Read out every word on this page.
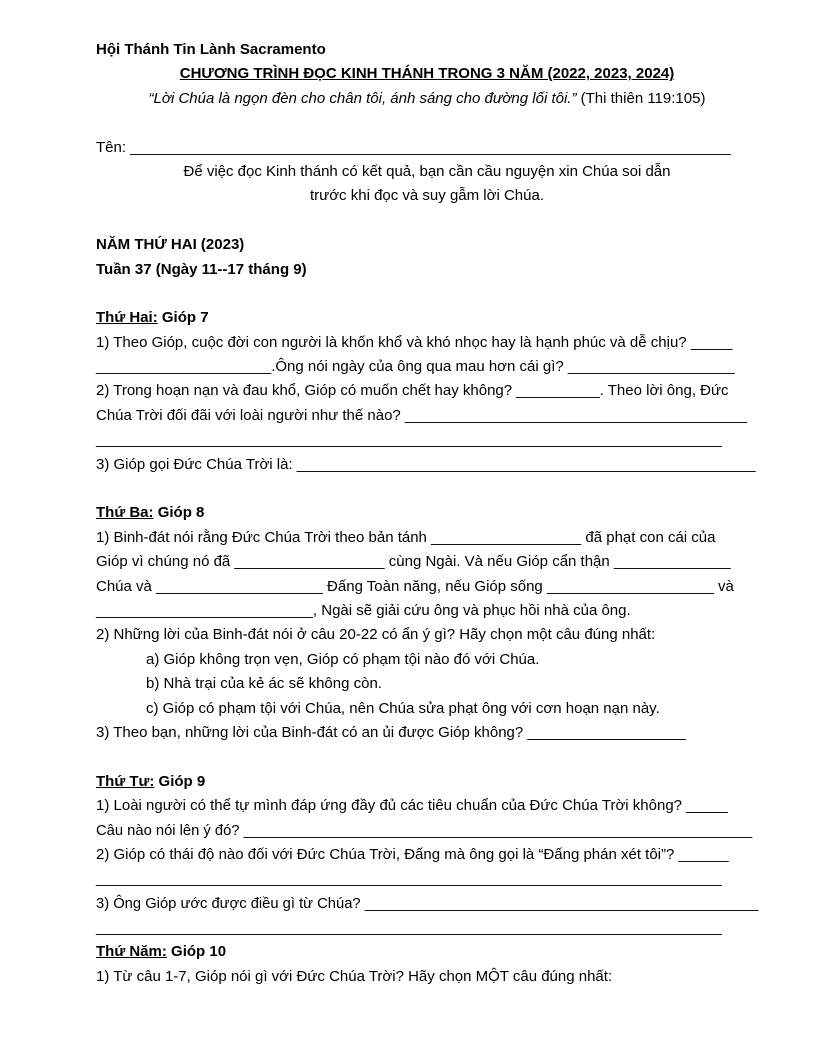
Hội Thánh Tin Lành Sacramento
CHƯƠNG TRÌNH ĐỌC KINH THÁNH TRONG 3 NĂM (2022, 2023, 2024)
“Lời Chúa là ngọn đèn cho chân tôi, ánh sáng cho đường lối tôi.” (Thi thiên 119:105)
Tên: ________________________________________________________________________
Để việc đọc Kinh thánh có kết quả, bạn cần cầu nguyện xin Chúa soi dẫn
trước khi đọc và suy gẫm lời Chúa.
NĂM THỨ HAI (2023)
Tuần 37 (Ngày 11--17 tháng 9)
Thứ Hai: Gióp 7
1) Theo Gióp, cuộc đời con người là khốn khổ và khó nhọc hay là hạnh phúc và dễ chịu? _____
_____________________.Ông nói ngày của ông qua mau hơn cái gì? ____________________
2) Trong hoạn nạn và đau khổ, Gióp có muốn chết hay không? __________. Theo lời ông, Đức
Chúa Trời đối đãi với loài người như thế nào? _________________________________________
___________________________________________________________________________
3) Gióp gọi Đức Chúa Trời là: _______________________________________________________
Thứ Ba: Gióp 8
1) Binh-đát nói rằng Đức Chúa Trời theo bản tánh __________________ đã phạt con cái của
Gióp vì chúng nó đã __________________ cùng Ngài. Và nếu Gióp cẩn thận ______________
Chúa và ____________________ Đấng Toàn năng, nếu Gióp sống ____________________ và
__________________________, Ngài sẽ giải cứu ông và phục hồi nhà của ông.
2) Những lời của Binh-đát nói ở câu 20-22 có ẩn ý gì? Hãy chọn một câu đúng nhất:
a) Gióp không trọn vẹn, Gióp có phạm tội nào đó với Chúa.
b) Nhà trại của kẻ ác sẽ không còn.
c) Gióp có phạm tội với Chúa, nên Chúa sửa phạt ông với cơn hoạn nạn này.
3) Theo bạn, những lời của Binh-đát có an ủi được Gióp không? ___________________
Thứ Tư: Gióp 9
1) Loài người có thể tự mình đáp ứng đầy đủ các tiêu chuẩn của Đức Chúa Trời không? _____
Câu nào nói lên ý đó? ______________________________________________________________
2) Gióp có thái độ nào đối với Đức Chúa Trời, Đấng mà ông gọi là “Đấng phán xét tôi”? ______
___________________________________________________________________________
3) Ông Gióp ước được điều gì từ Chúa? ________________________________________________
___________________________________________________________________________
Thứ Năm: Gióp 10
1) Từ câu 1-7, Gióp nói gì với Đức Chúa Trời? Hãy chọn MỘT câu đúng nhất:
